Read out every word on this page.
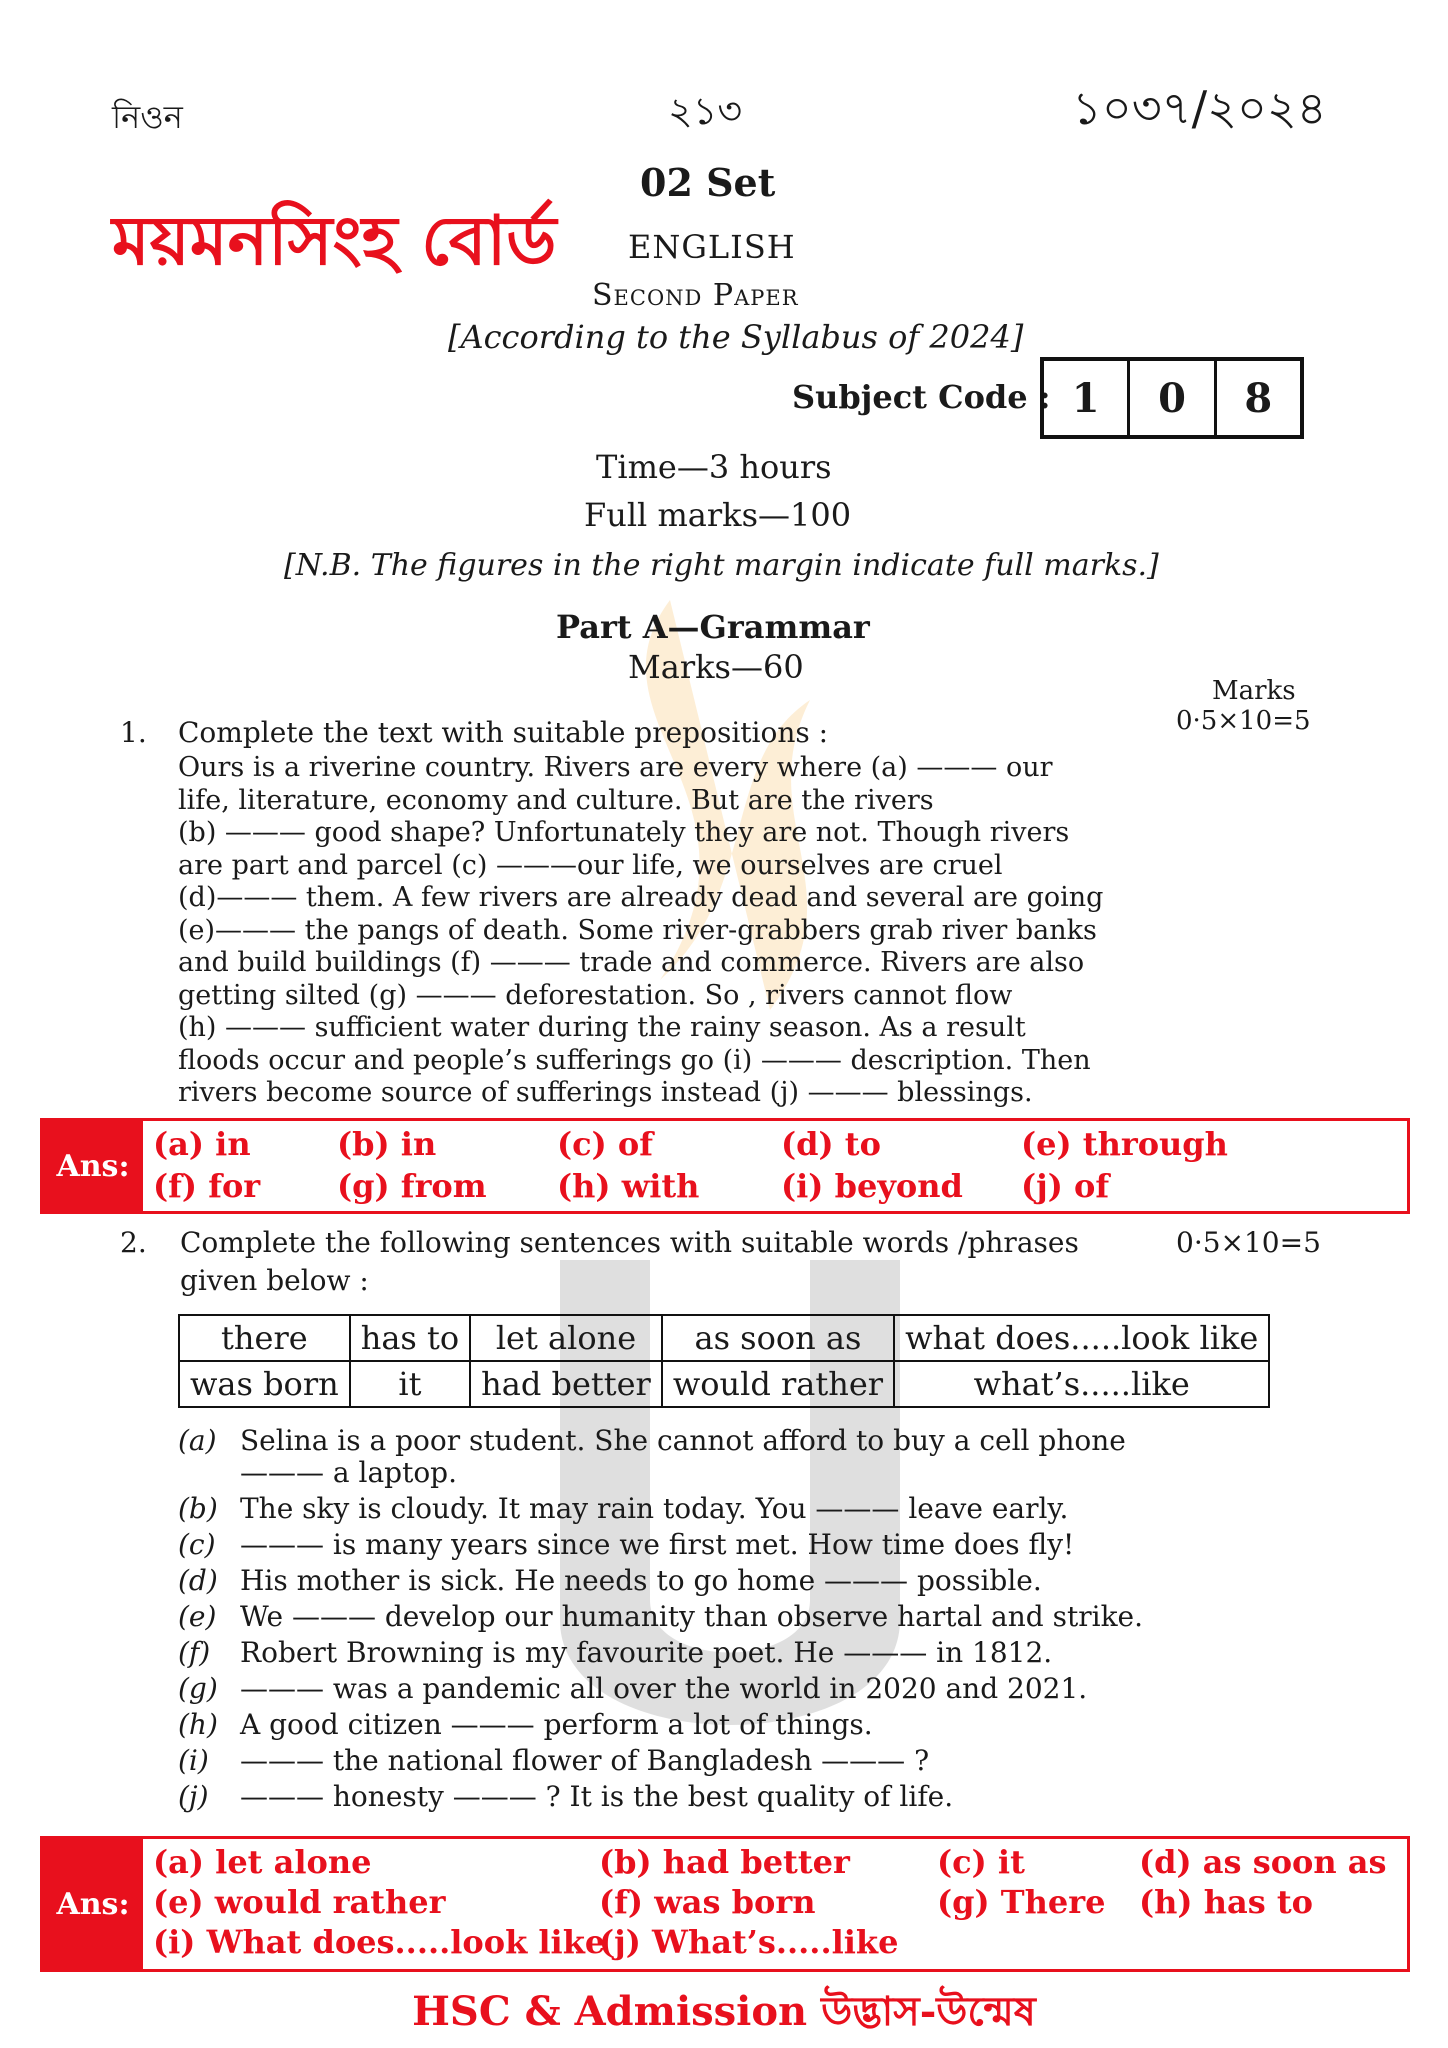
নিওন	২১৩	১০৩৭/২০২৪
ময়মনসিংহ বোর্ড
02 Set
ENGLISH
Second Paper
[According to the Syllabus of 2024]
Subject Code : 1	0	8
Time—3 hours
Full marks—100
[N.B. The figures in the right margin indicate full marks.]
Part A—Grammar
Marks—60
Marks
1. Complete the text with suitable prepositions :	0·5×10=5
Ours is a riverine country. Rivers are every where (a) ——— our
life, literature, economy and culture. But are the rivers
(b) ——— good shape? Unfortunately they are not. Though rivers
are part and parcel (c) ———our life, we ourselves are cruel
(d)——— them. A few rivers are already dead and several are going
(e)——— the pangs of death. Some river-grabbers grab river banks
and build buildings (f) ——— trade and commerce. Rivers are also
getting silted (g) ——— deforestation. So , rivers cannot flow
(h) ——— sufficient water during the rainy season. As a result
floods occur and people’s sufferings go (i) ——— description. Then
rivers become source of sufferings instead (j) ——— blessings.
Ans:
(a) in	(b) in	(c) of	(d) to	(e) through
(f) for (g) from (h) with	(i) beyond (j) of
2. Complete the following sentences with suitable words /phrases	0·5×10=5
given below :
there	has to	let alone	as soon as	what does.....look like
was born	it	had better	would rather	what’s.....like
(a) Selina is a poor student. She cannot afford to buy a cell phone
——— a laptop.
(b) The sky is cloudy. It may rain today. You ——— leave early.
(c) ——— is many years since we first met. How time does fly!
(d) His mother is sick. He needs to go home ——— possible.
(e) We ——— develop our humanity than observe hartal and strike.
(f) Robert Browning is my favourite poet. He ——— in 1812.
(g) ——— was a pandemic all over the world in 2020 and 2021.
(h) A good citizen ——— perform a lot of things.
(i) ——— the national flower of Bangladesh ——— ?
(j) ——— honesty ——— ? It is the best quality of life.
Ans:
(a) let alone	(b) had better	(c) it	(d) as soon as
(e) would rather	(f) was born	(g) There (h) has to
(i) What does.....look like
(j) What’s.....like
HSC & Admission উদ্ভাস-উন্মেষ
